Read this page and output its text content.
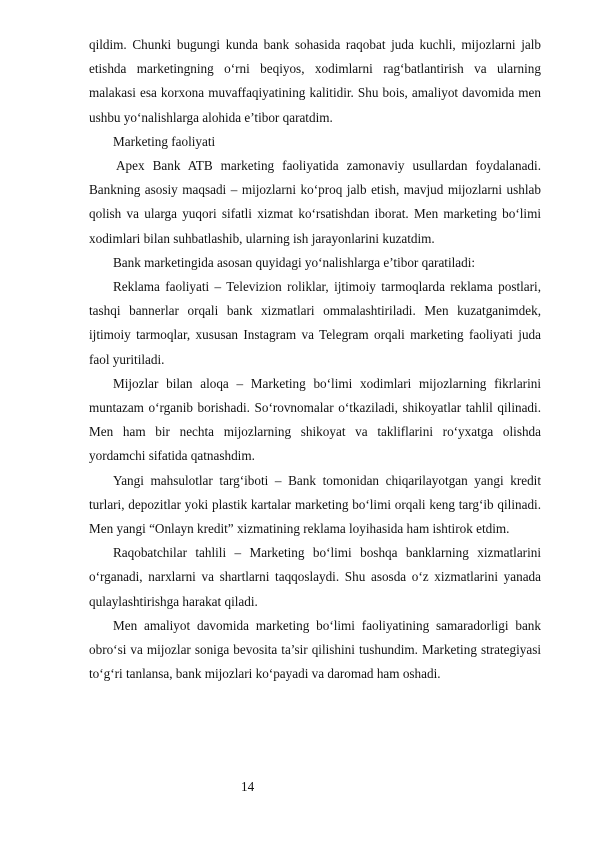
qildim. Chunki bugungi kunda bank sohasida raqobat juda kuchli, mijozlarni jalb etishda marketingning o‘rni beqiyos, xodimlarni rag‘batlantirish va ularning malakasi esa korxona muvaffaqiyatining kalitidir. Shu bois, amaliyot davomida men ushbu yo‘nalishlarga alohida e’tibor qaratdim.

Marketing faoliyati

Apex Bank ATB marketing faoliyatida zamonaviy usullardan foydalanadi. Bankning asosiy maqsadi – mijozlarni ko‘proq jalb etish, mavjud mijozlarni ushlab qolish va ularga yuqori sifatli xizmat ko‘rsatishdan iborat. Men marketing bo‘limi xodimlari bilan suhbatlashib, ularning ish jarayonlarini kuzatdim.

Bank marketingida asosan quyidagi yo‘nalishlarga e’tibor qaratiladi:

Reklama faoliyati – Televizion roliklar, ijtimoiy tarmoqlarda reklama postlari, tashqi bannerlar orqali bank xizmatlari ommalashtiriladi. Men kuzatganimdek, ijtimoiy tarmoqlar, xususan Instagram va Telegram orqali marketing faoliyati juda faol yuritiladi.

Mijozlar bilan aloqa – Marketing bo‘limi xodimlari mijozlarning fikrlarini muntazam o‘rganib borishadi. So‘rovnomalar o‘tkaziladi, shikoyatlar tahlil qilinadi. Men ham bir nechta mijozlarning shikoyat va takliflarini ro‘yxatga olishda yordamchi sifatida qatnashdim.

Yangi mahsulotlar targ‘iboti – Bank tomonidan chiqarilayotgan yangi kredit turlari, depozitlar yoki plastik kartalar marketing bo‘limi orqali keng targ‘ib qilinadi. Men yangi “Onlayn kredit” xizmatining reklama loyihasida ham ishtirok etdim.

Raqobatchilar tahlili – Marketing bo‘limi boshqa banklarning xizmatlarini o‘rganadi, narxlarni va shartlarni taqqoslaydi. Shu asosda o‘z xizmatlarini yanada qulaylashtirishga harakat qiladi.

Men amaliyot davomida marketing bo‘limi faoliyatining samaradorligi bank obro‘si va mijozlar soniga bevosita ta’sir qilishini tushundim. Marketing strategiyasi to‘g‘ri tanlansa, bank mijozlari ko‘payadi va daromad ham oshadi.

14
